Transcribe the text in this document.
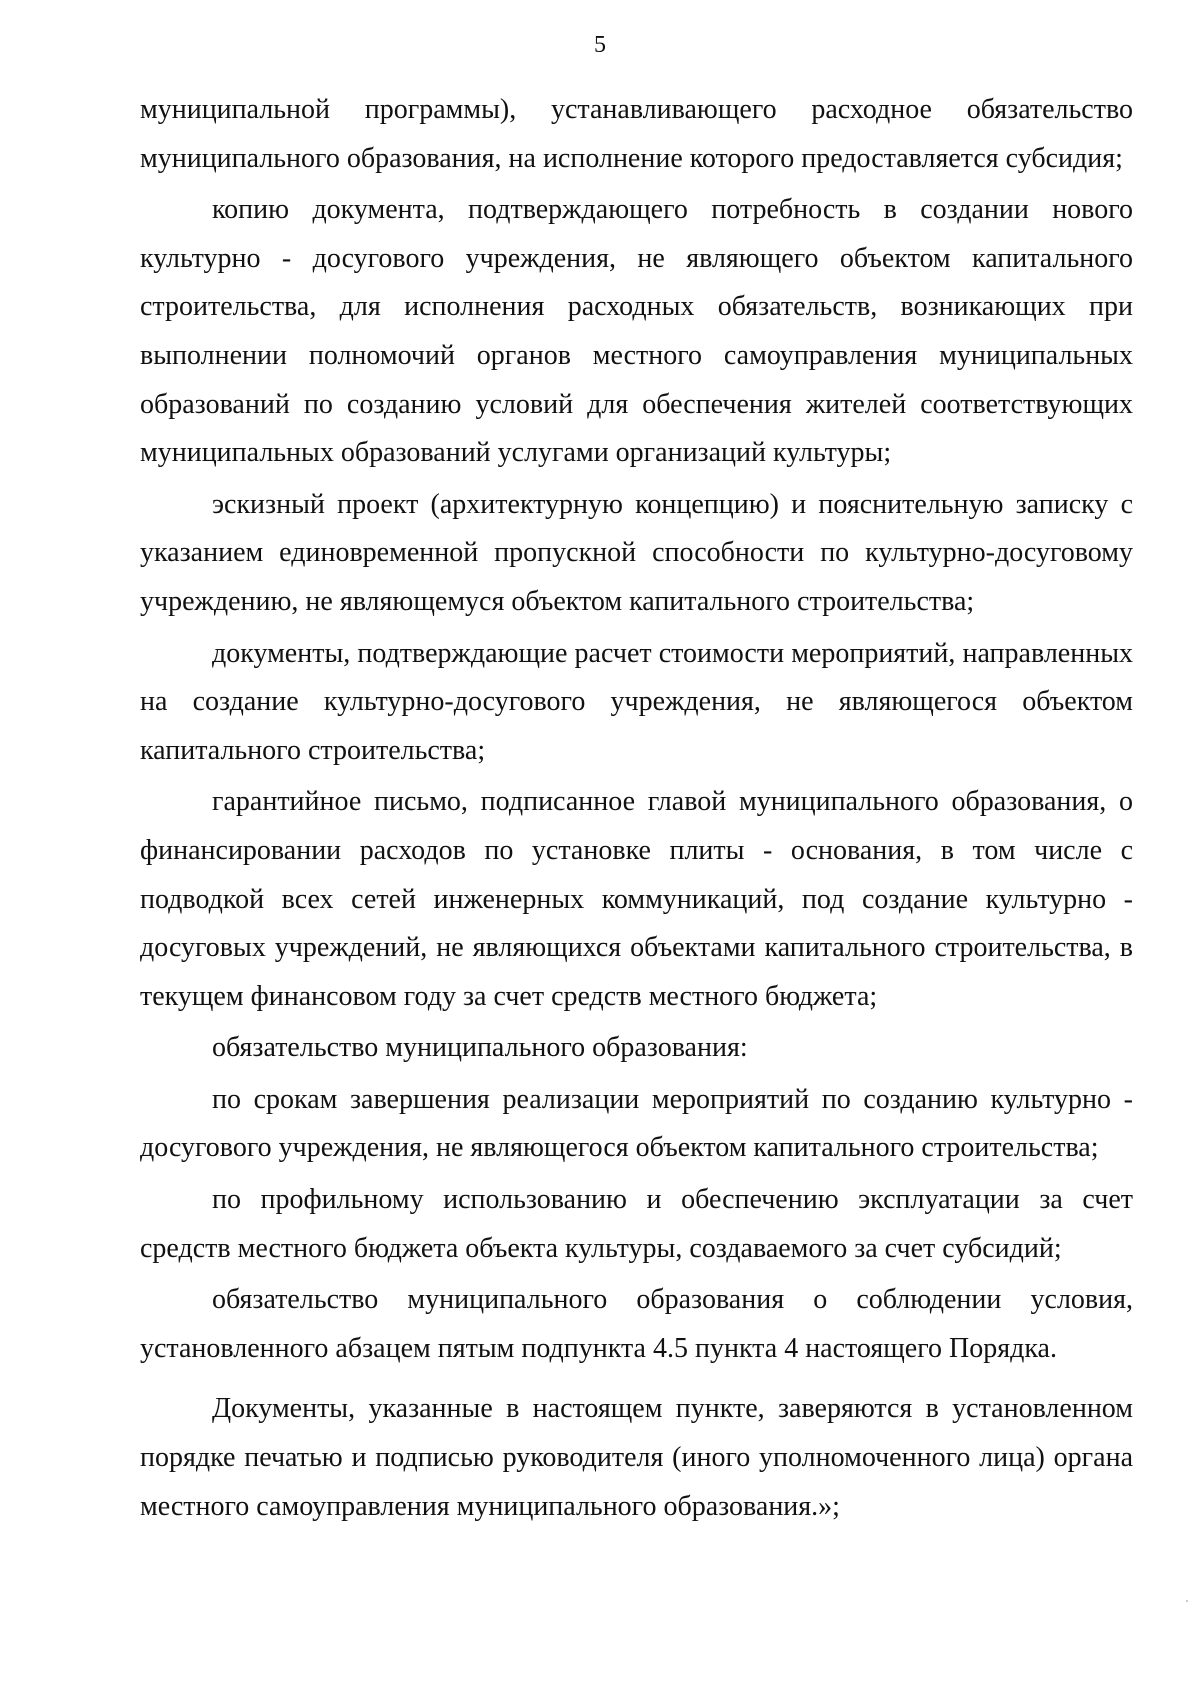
5

муниципальной программы), устанавливающего расходное обязательство муниципального образования, на исполнение которого предоставляется субсидия;

копию документа, подтверждающего потребность в создании нового культурно - досугового учреждения, не являющего объектом капитального строительства, для исполнения расходных обязательств, возникающих при выполнении полномочий органов местного самоуправления муниципальных образований по созданию условий для обеспечения жителей соответствующих муниципальных образований услугами организаций культуры;

эскизный проект (архитектурную концепцию) и пояснительную записку с указанием единовременной пропускной способности по культурно-досуговому учреждению, не являющемуся объектом капитального строительства;

документы, подтверждающие расчет стоимости мероприятий, направленных на создание культурно-досугового учреждения, не являющегося объектом капитального строительства;

гарантийное письмо, подписанное главой муниципального образования, о финансировании расходов по установке плиты - основания, в том числе с подводкой всех сетей инженерных коммуникаций, под создание культурно - досуговых учреждений, не являющихся объектами капитального строительства, в текущем финансовом году за счет средств местного бюджета;

обязательство муниципального образования:

по срокам завершения реализации мероприятий по созданию культурно - досугового учреждения, не являющегося объектом капитального строительства;

по профильному использованию и обеспечению эксплуатации за счет средств местного бюджета объекта культуры, создаваемого за счет субсидий;

обязательство муниципального образования о соблюдении условия, установленного абзацем пятым подпункта 4.5 пункта 4 настоящего Порядка.

Документы, указанные в настоящем пункте, заверяются в установленном порядке печатью и подписью руководителя (иного уполномоченного лица) органа местного самоуправления муниципального образования.»;
